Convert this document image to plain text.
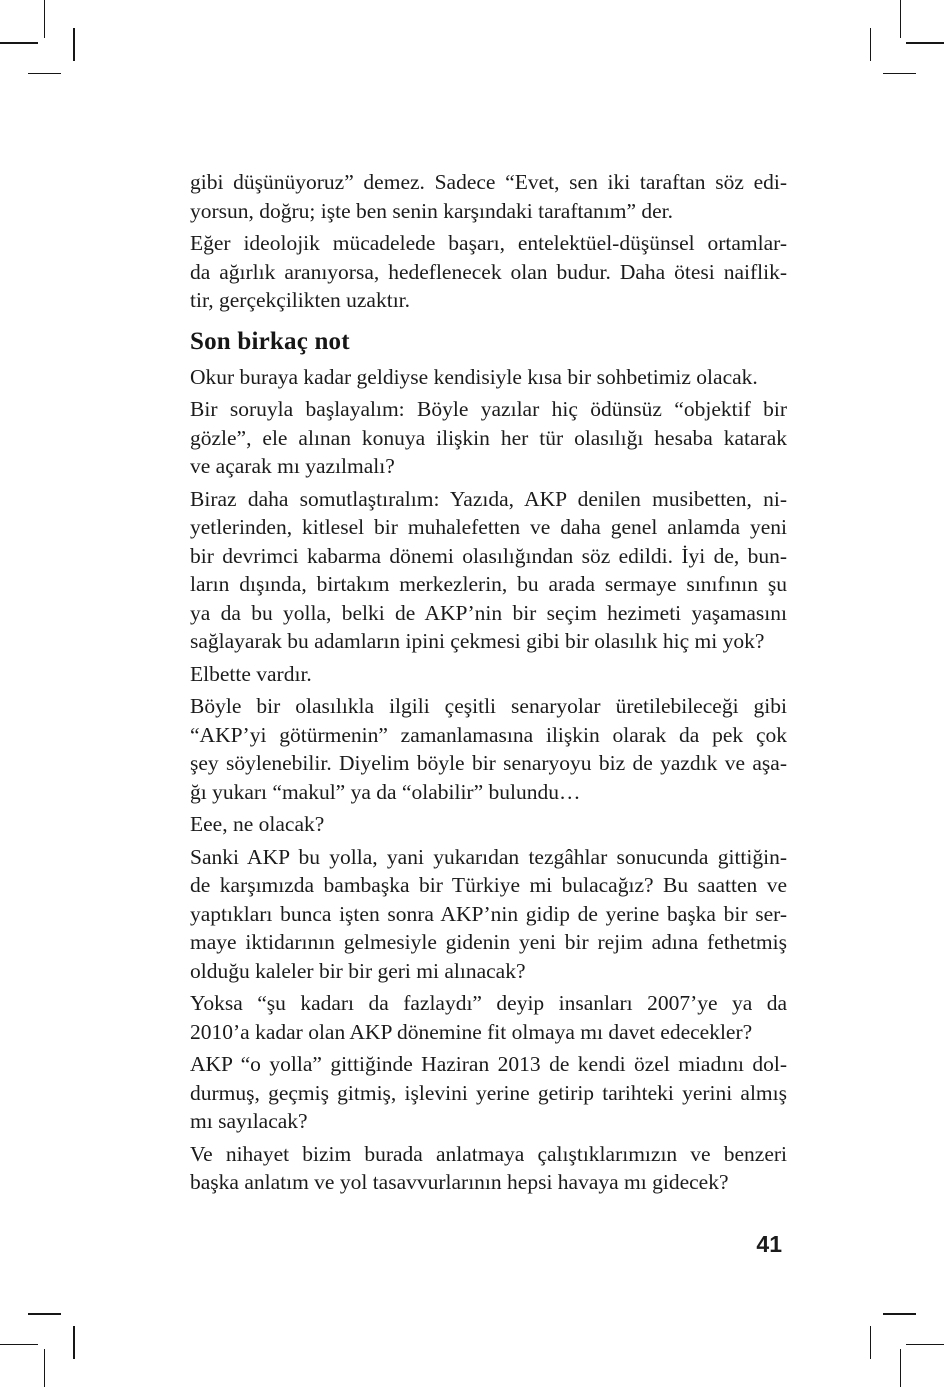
gibi düşünüyoruz” demez. Sadece “Evet, sen iki taraftan söz edi-
yorsun, doğru; işte ben senin karşındaki taraftanım” der.

Eğer ideolojik mücadelede başarı, entelektüel-düşünsel ortamlar-
da ağırlık aranıyorsa, hedeflenecek olan budur. Daha ötesi naiflik-
tir, gerçekçilikten uzaktır.

Son birkaç not

Okur buraya kadar geldiyse kendisiyle kısa bir sohbetimiz olacak.

Bir soruyla başlayalım: Böyle yazılar hiç ödünsüz “objektif bir
gözle”, ele alınan konuya ilişkin her tür olasılığı hesaba katarak
ve açarak mı yazılmalı?

Biraz daha somutlaştıralım: Yazıda, AKP denilen musibetten, ni-
yetlerinden, kitlesel bir muhalefetten ve daha genel anlamda yeni
bir devrimci kabarma dönemi olasılığından söz edildi. İyi de, bun-
ların dışında, birtakım merkezlerin, bu arada sermaye sınıfının şu
ya da bu yolla, belki de AKP’nin bir seçim hezimeti yaşamasını
sağlayarak bu adamların ipini çekmesi gibi bir olasılık hiç mi yok?

Elbette vardır.

Böyle bir olasılıkla ilgili çeşitli senaryolar üretilebileceği gibi
“AKP’yi götürmenin” zamanlamasına ilişkin olarak da pek çok
şey söylenebilir. Diyelim böyle bir senaryoyu biz de yazdık ve aşa-
ğı yukarı “makul” ya da “olabilir” bulundu…

Eee, ne olacak?

Sanki AKP bu yolla, yani yukarıdan tezgâhlar sonucunda gittiğin-
de karşımızda bambaşka bir Türkiye mi bulacağız? Bu saatten ve
yaptıkları bunca işten sonra AKP’nin gidip de yerine başka bir ser-
maye iktidarının gelmesiyle gidenin yeni bir rejim adına fethetmiş
olduğu kaleler bir bir geri mi alınacak?

Yoksa “şu kadarı da fazlaydı” deyip insanları 2007’ye ya da
2010’a kadar olan AKP dönemine fit olmaya mı davet edecekler?

AKP “o yolla” gittiğinde Haziran 2013 de kendi özel miadını dol-
durmuş, geçmiş gitmiş, işlevini yerine getirip tarihteki yerini almış
mı sayılacak?

Ve nihayet bizim burada anlatmaya çalıştıklarımızın ve benzeri
başka anlatım ve yol tasavvurlarının hepsi havaya mı gidecek?

41
